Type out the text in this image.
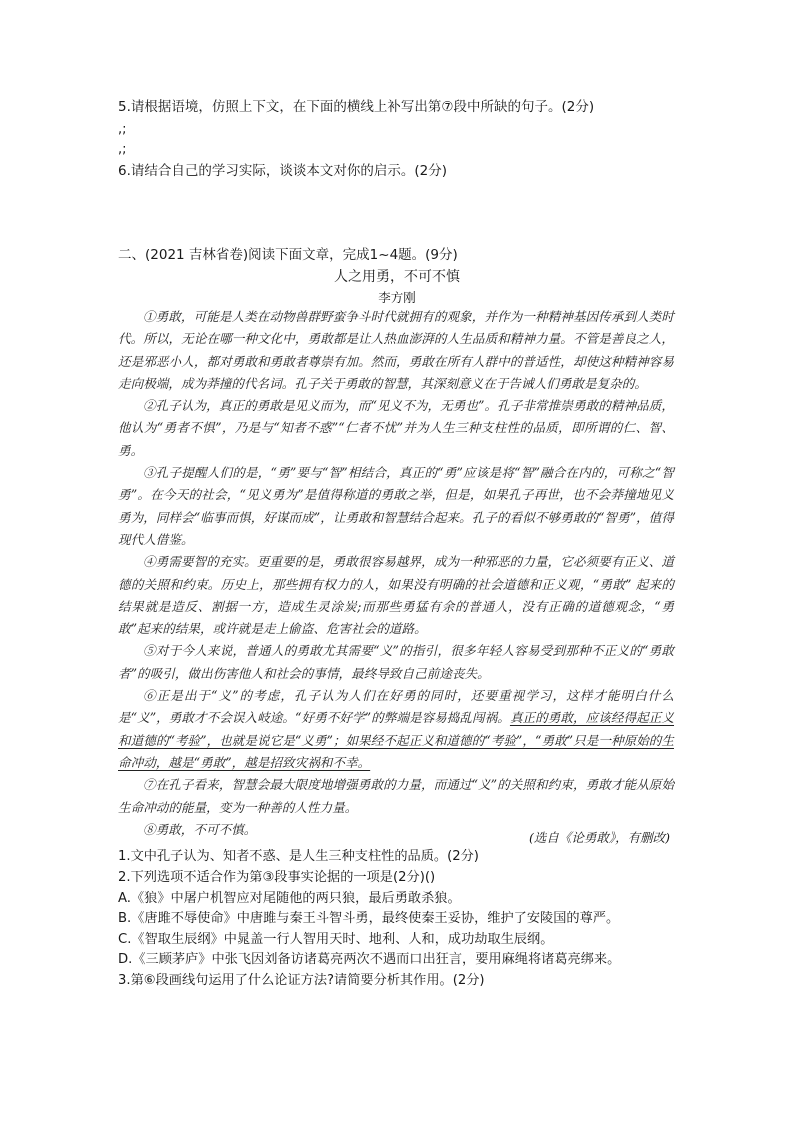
5.请根据语境，仿照上下文，在下面的横线上补写出第⑦段中所缺的句子。(2分)
,;
,;
6.请结合自己的学习实际，谈谈本文对你的启示。(2分)
二、(2021 吉林省卷)阅读下面文章，完成1~4题。(9分)
人之用勇，不可不慎
李方刚

①勇敢，可能是人类在动物兽群野蛮争斗时代就拥有的观象，并作为一种精神基因传承到人类时代。所以，无论在哪一种文化中，勇敢都是让人热血澎湃的人生品质和精神力量。不管是善良之人，还是邪恶小人，都对勇敢和勇敢者尊崇有加。然而，勇敢在所有人群中的普适性，却使这种精神容易走向极端，成为莽撞的代名词。孔子关于勇敢的智慧，其深刻意义在于告诫人们勇敢是复杂的。

②孔子认为，真正的勇敢是见义而为，而“见义不为，无勇也”。孔子非常推崇勇敢的精神品质，他认为“勇者不惧”，乃是与“知者不惑”“仁者不忧”并为人生三种支柱性的品质，即所谓的仁、智、勇。

③孔子提醒人们的是，“勇”要与“智”相结合，真正的“勇”应该是将“智”融合在内的，可称之“智勇”。在今天的社会，“见义勇为”是值得称道的勇敢之举，但是，如果孔子再世，也不会莽撞地见义勇为，同样会“临事而惧，好谋而成”，让勇敢和智慧结合起来。孔子的看似不够勇敢的“智勇”，值得现代人借鉴。

④勇需要智的充实。更重要的是，勇敢很容易越界，成为一种邪恶的力量，它必须要有正义、道德的关照和约束。历史上，那些拥有权力的人，如果没有明确的社会道德和正义观，“勇敢” 起来的结果就是造反、割据一方，造成生灵涂炭;而那些勇猛有余的普通人，没有正确的道德观念，“勇敢”起来的结果，或许就是走上偷盗、危害社会的道路。

⑤对于今人来说，普通人的勇敢尤其需要“义”的指引，很多年轻人容易受到那种不正义的“勇敢者”的吸引，做出伤害他人和社会的事情，最终导致自己前途丧失。

⑥正是出于“义”的考虑，孔子认为人们在好勇的同时，还要重视学习，这样才能明白什么是“义”，勇敢才不会误入岐途。“好勇不好学”的弊端是容易捣乱闯祸。真正的勇敢，应该经得起正义和道德的“考验”，也就是说它是“义勇”；如果经不起正义和道德的“考验”，“勇敢”只是一种原始的生命冲动，越是“勇敢”，越是招致灾祸和不幸。

⑦在孔子看来，智慧会最大限度地增强勇敢的力量，而通过“义”的关照和约束，勇敢才能从原始生命冲动的能量，变为一种善的人性力量。

⑧勇敢，不可不慎。

(选自《论勇敢》，有删改)
1.文中孔子认为、知者不惑、是人生三种支柱性的品质。(2分)
2.下列选项不适合作为第③段事实论据的一项是(2分)()
A.《狼》中屠户机智应对尾随他的两只狼，最后勇敢杀狼。
B.《唐雎不辱使命》中唐雎与秦王斗智斗勇，最终使秦王妥协，维护了安陵国的尊严。
C.《智取生辰纲》中晁盖一行人智用天时、地利、人和，成功劫取生辰纲。
D.《三顾茅庐》中张飞因刘备访诸葛亮两次不遇而口出狂言，要用麻绳将诸葛亮绑来。
3.第⑥段画线句运用了什么论证方法?请简要分析其作用。(2分)
